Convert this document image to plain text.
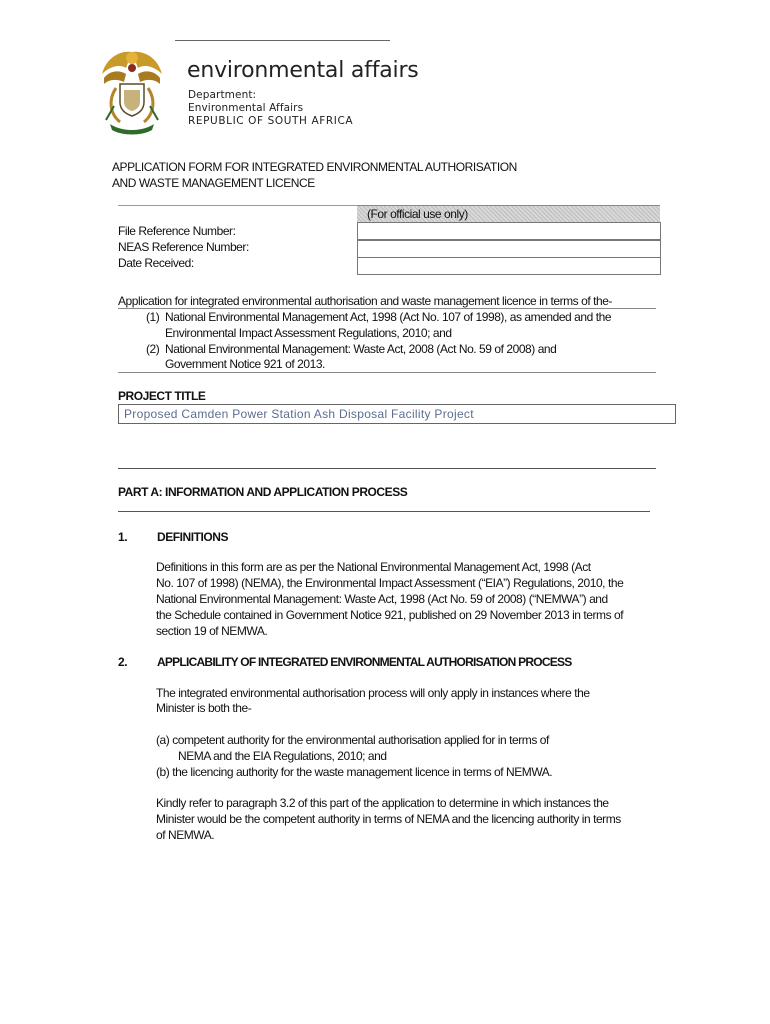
environmental affairs
Department:
Environmental Affairs
REPUBLIC OF SOUTH AFRICA
APPLICATION FORM FOR INTEGRATED ENVIRONMENTAL AUTHORISATION
AND WASTE MANAGEMENT LICENCE
(For official use only)
File Reference Number:
NEAS Reference Number:
Date Received:
Application for integrated environmental authorisation and waste management licence in terms of the-
(1) National Environmental Management Act, 1998 (Act No. 107 of 1998), as amended and the
Environmental Impact Assessment Regulations, 2010; and
(2) National Environmental Management: Waste Act, 2008 (Act No. 59 of 2008) and
Government Notice 921 of 2013.
PROJECT TITLE
Proposed Camden Power Station Ash Disposal Facility Project
PART A: INFORMATION AND APPLICATION PROCESS
1. DEFINITIONS
Definitions in this form are as per the National Environmental Management Act, 1998 (Act
No. 107 of 1998) (NEMA), the Environmental Impact Assessment (“EIA”) Regulations, 2010, the
National Environmental Management: Waste Act, 1998 (Act No. 59 of 2008) (“NEMWA”) and
the Schedule contained in Government Notice 921, published on 29 November 2013 in terms of
section 19 of NEMWA.
2. APPLICABILITY OF INTEGRATED ENVIRONMENTAL AUTHORISATION PROCESS
The integrated environmental authorisation process will only apply in instances where the
Minister is both the-
(a) competent authority for the environmental authorisation applied for in terms of
NEMA and the EIA Regulations, 2010; and
(b) the licencing authority for the waste management licence in terms of NEMWA.
Kindly refer to paragraph 3.2 of this part of the application to determine in which instances the
Minister would be the competent authority in terms of NEMA and the licencing authority in terms
of NEMWA.
